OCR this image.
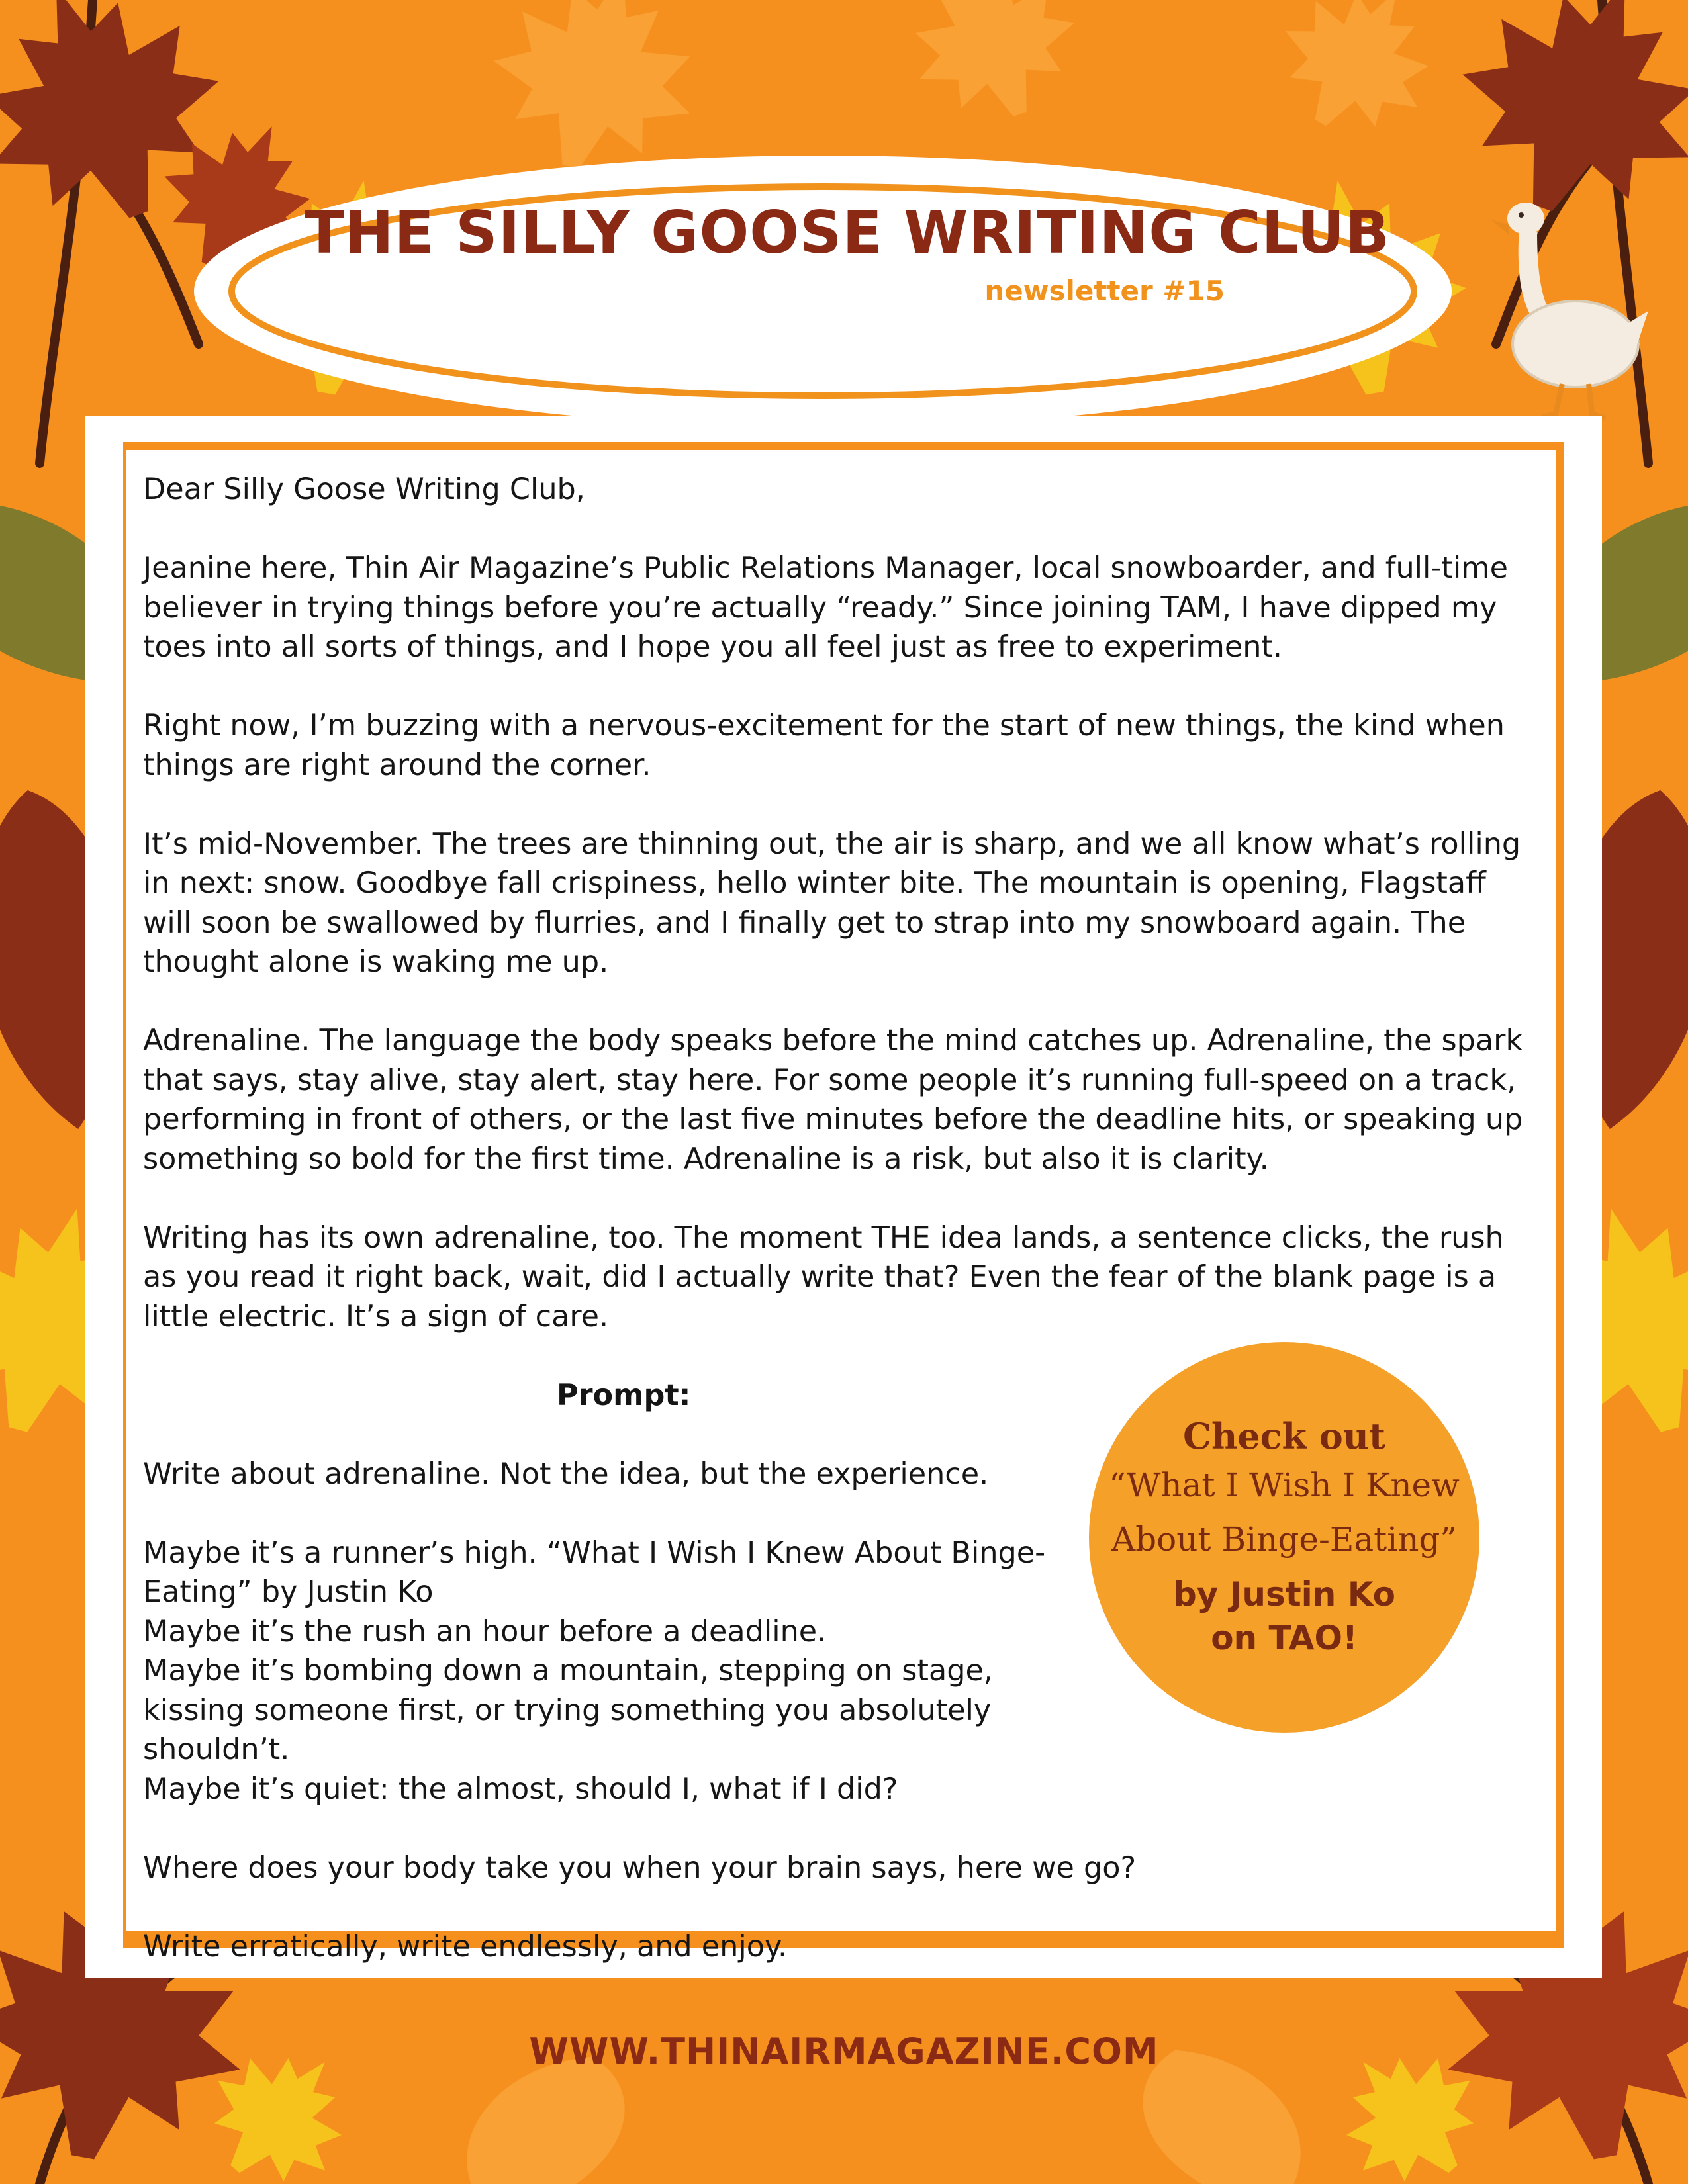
THE SILLY GOOSE WRITING CLUB
newsletter #15

Dear Silly Goose Writing Club,

Jeanine here, Thin Air Magazine’s Public Relations Manager, local snowboarder, and full-time believer in trying things before you’re actually “ready.” Since joining TAM, I have dipped my toes into all sorts of things, and I hope you all feel just as free to experiment.

Right now, I’m buzzing with a nervous-excitement for the start of new things, the kind when things are right around the corner.

It’s mid-November. The trees are thinning out, the air is sharp, and we all know what’s rolling in next: snow. Goodbye fall crispiness, hello winter bite. The mountain is opening, Flagstaff will soon be swallowed by flurries, and I finally get to strap into my snowboard again. The thought alone is waking me up.

Adrenaline. The language the body speaks before the mind catches up. Adrenaline, the spark that says, stay alive, stay alert, stay here. For some people it’s running full-speed on a track, performing in front of others, or the last five minutes before the deadline hits, or speaking up something so bold for the first time. Adrenaline is a risk, but also it is clarity.

Writing has its own adrenaline, too. The moment THE idea lands, a sentence clicks, the rush as you read it right back, wait, did I actually write that? Even the fear of the blank page is a little electric. It’s a sign of care.

Prompt:

Write about adrenaline. Not the idea, but the experience.

Maybe it’s a runner’s high. “What I Wish I Knew About Binge-Eating” by Justin Ko

Maybe it’s the rush an hour before a deadline.

Maybe it’s bombing down a mountain, stepping on stage, kissing someone first, or trying something you absolutely shouldn’t.

Maybe it’s quiet: the almost, should I, what if I did?

Where does your body take you when your brain says, here we go?

Write erratically, write endlessly, and enjoy.

Check out
“What I Wish I Knew About Binge-Eating”
by Justin Ko
on TAO!
WWW.THINAIRMAGAZINE.COM
